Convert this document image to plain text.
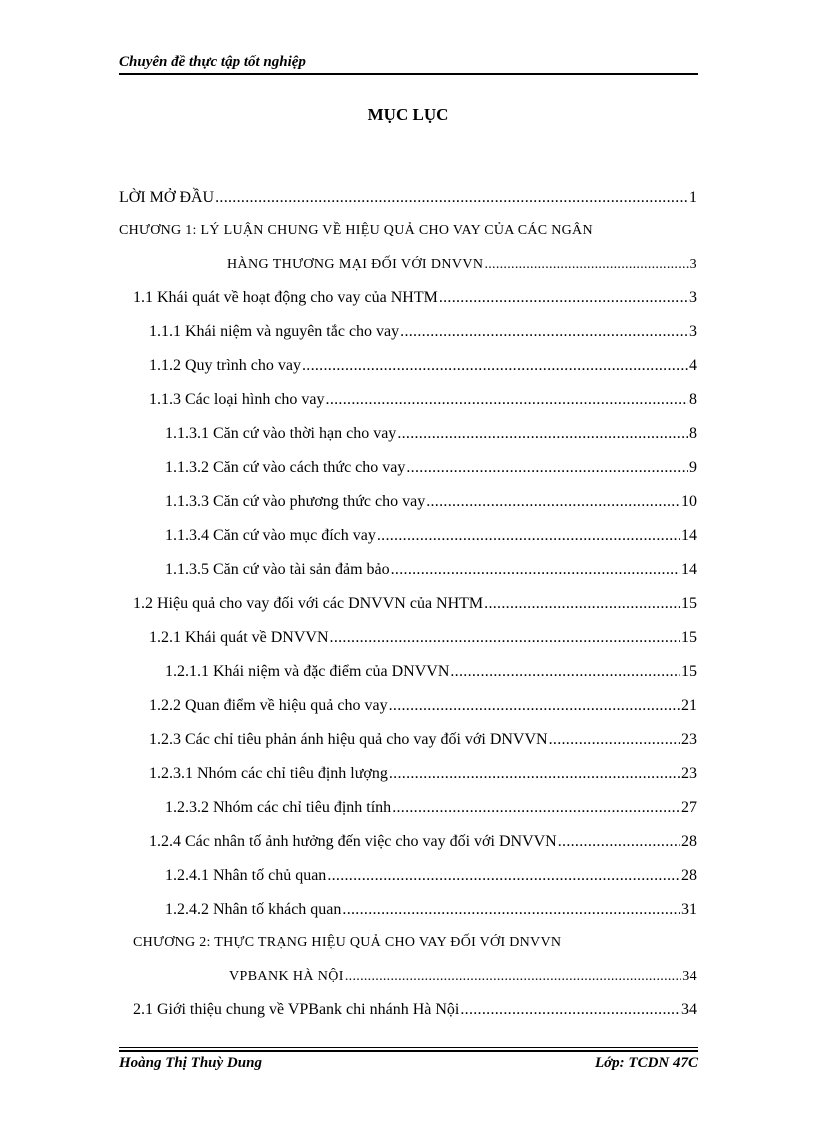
Chuyên đề thực tập tốt nghiệp
MỤC LỤC
LỜI MỞ ĐẦU .....	1
CHƯƠNG 1: LÝ LUẬN CHUNG VỀ HIỆU QUẢ CHO VAY CỦA CÁC NGÂN
HÀNG THƯƠNG MẠI ĐỐI VỚI DNVVN .....	3
1.1 Khái quát về hoạt động cho vay của NHTM .....	3
1.1.1 Khái niệm và nguyên tắc cho vay .....	3
1.1.2 Quy trình cho vay .....	4
1.1.3 Các loại hình cho vay .....	8
1.1.3.1 Căn cứ vào thời hạn cho vay .....	8
1.1.3.2 Căn cứ vào cách thức cho vay .....	9
1.1.3.3 Căn cứ vào phương thức cho vay .....	10
1.1.3.4 Căn cứ vào mục đích vay .....	14
1.1.3.5 Căn cứ vào tài sản đảm bảo .....	14
1.2 Hiệu quả cho vay đối với các DNVVN của NHTM .....	15
1.2.1 Khái quát về DNVVN .....	15
1.2.1.1 Khái niệm và đặc điểm của DNVVN .....	15
1.2.2 Quan điểm về hiệu quả cho vay .....	21
1.2.3 Các chỉ tiêu phản ánh hiệu quả cho vay đối với DNVVN .....	23
1.2.3.1 Nhóm các chỉ tiêu định lượng .....	23
1.2.3.2 Nhóm các chỉ tiêu định tính .....	27
1.2.4 Các nhân tố ảnh hưởng đến việc cho vay đối với DNVVN .....	28
1.2.4.1 Nhân tố chủ quan .....	28
1.2.4.2 Nhân tố khách quan .....	31
CHƯƠNG 2: THỰC TRẠNG HIỆU QUẢ CHO VAY ĐỐI VỚI DNVVN
VPBANK HÀ NỘI .....	34
2.1 Giới thiệu chung về VPBank chi nhánh Hà Nội .....	34
Hoàng Thị Thuỳ Dung	Lớp: TCDN 47C
